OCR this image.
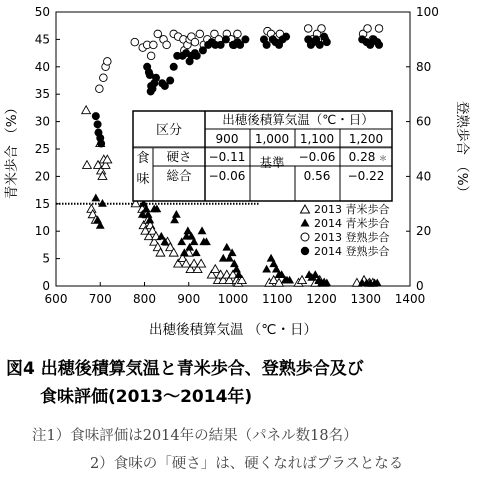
600 700 800 900 1000 1100 1200 1300 1400
0
5
10
15
20
25
30
35
40
45
50
0
20
40
60
80
100
区分
出穂後積算気温（℃・日）
900 1,000 1,100 1,200
食味
硬さ
総合
−0.11
−0.06
基準 −0.06
0.56
0.28 ＊
−0.22
2013 青米歩合
2014 青米歩合
2013 登熟歩合
2014 登熟歩合
出穂後積算気温 （℃・日）
青米歩合 （%）	登熟歩合 （%）
図4 出穂後積算気温と青米歩合、登熟歩合及び
食味評価(2013〜2014年)
注1）食味評価は2014年の結果（パネル数18名）
2）食味の「硬さ」は、硬くなればプラスとなる
